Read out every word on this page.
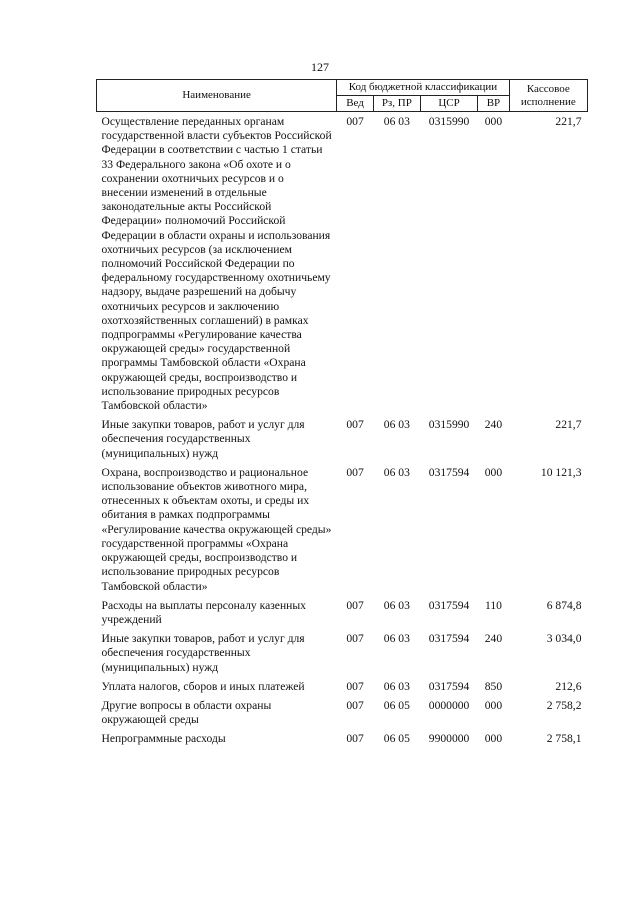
127
Наименование	Код бюджетной классификации				Кассовое исполнение
	Вед	Рз, ПР	ЦСР	ВР	
Осуществление переданных органам государственной власти субъектов Российской Федерации в соответствии с частью 1 статьи 33 Федерального закона «Об охоте и о сохранении охотничьих ресурсов и о внесении изменений в отдельные законодательные акты Российской Федерации» полномочий Российской Федерации в области охраны и использования охотничьих ресурсов (за исключением полномочий Российской Федерации по федеральному государственному охотничьему надзору, выдаче разрешений на добычу охотничьих ресурсов и заключению охотхозяйственных соглашений) в рамках подпрограммы «Регулирование качества окружающей среды» государственной программы Тамбовской области «Охрана окружающей среды, воспроизводство и использование природных ресурсов Тамбовской области»	007	06 03	0315990	000	221,7
Иные закупки товаров, работ и услуг для обеспечения государственных (муниципальных) нужд	007	06 03	0315990	240	221,7
Охрана, воспроизводство и рациональное использование объектов животного мира, отнесенных к объектам охоты, и среды их обитания в рамках подпрограммы «Регулирование качества окружающей среды» государственной программы «Охрана окружающей среды, воспроизводство и использование природных ресурсов Тамбовской области»	007	06 03	0317594	000	10 121,3
Расходы на выплаты персоналу казенных учреждений	007	06 03	0317594	110	6 874,8
Иные закупки товаров, работ и услуг для обеспечения государственных (муниципальных) нужд	007	06 03	0317594	240	3 034,0
Уплата налогов, сборов и иных платежей	007	06 03	0317594	850	212,6
Другие вопросы в области охраны окружающей среды	007	06 05	0000000	000	2 758,2
Непрограммные расходы	007	06 05	9900000	000	2 758,1
